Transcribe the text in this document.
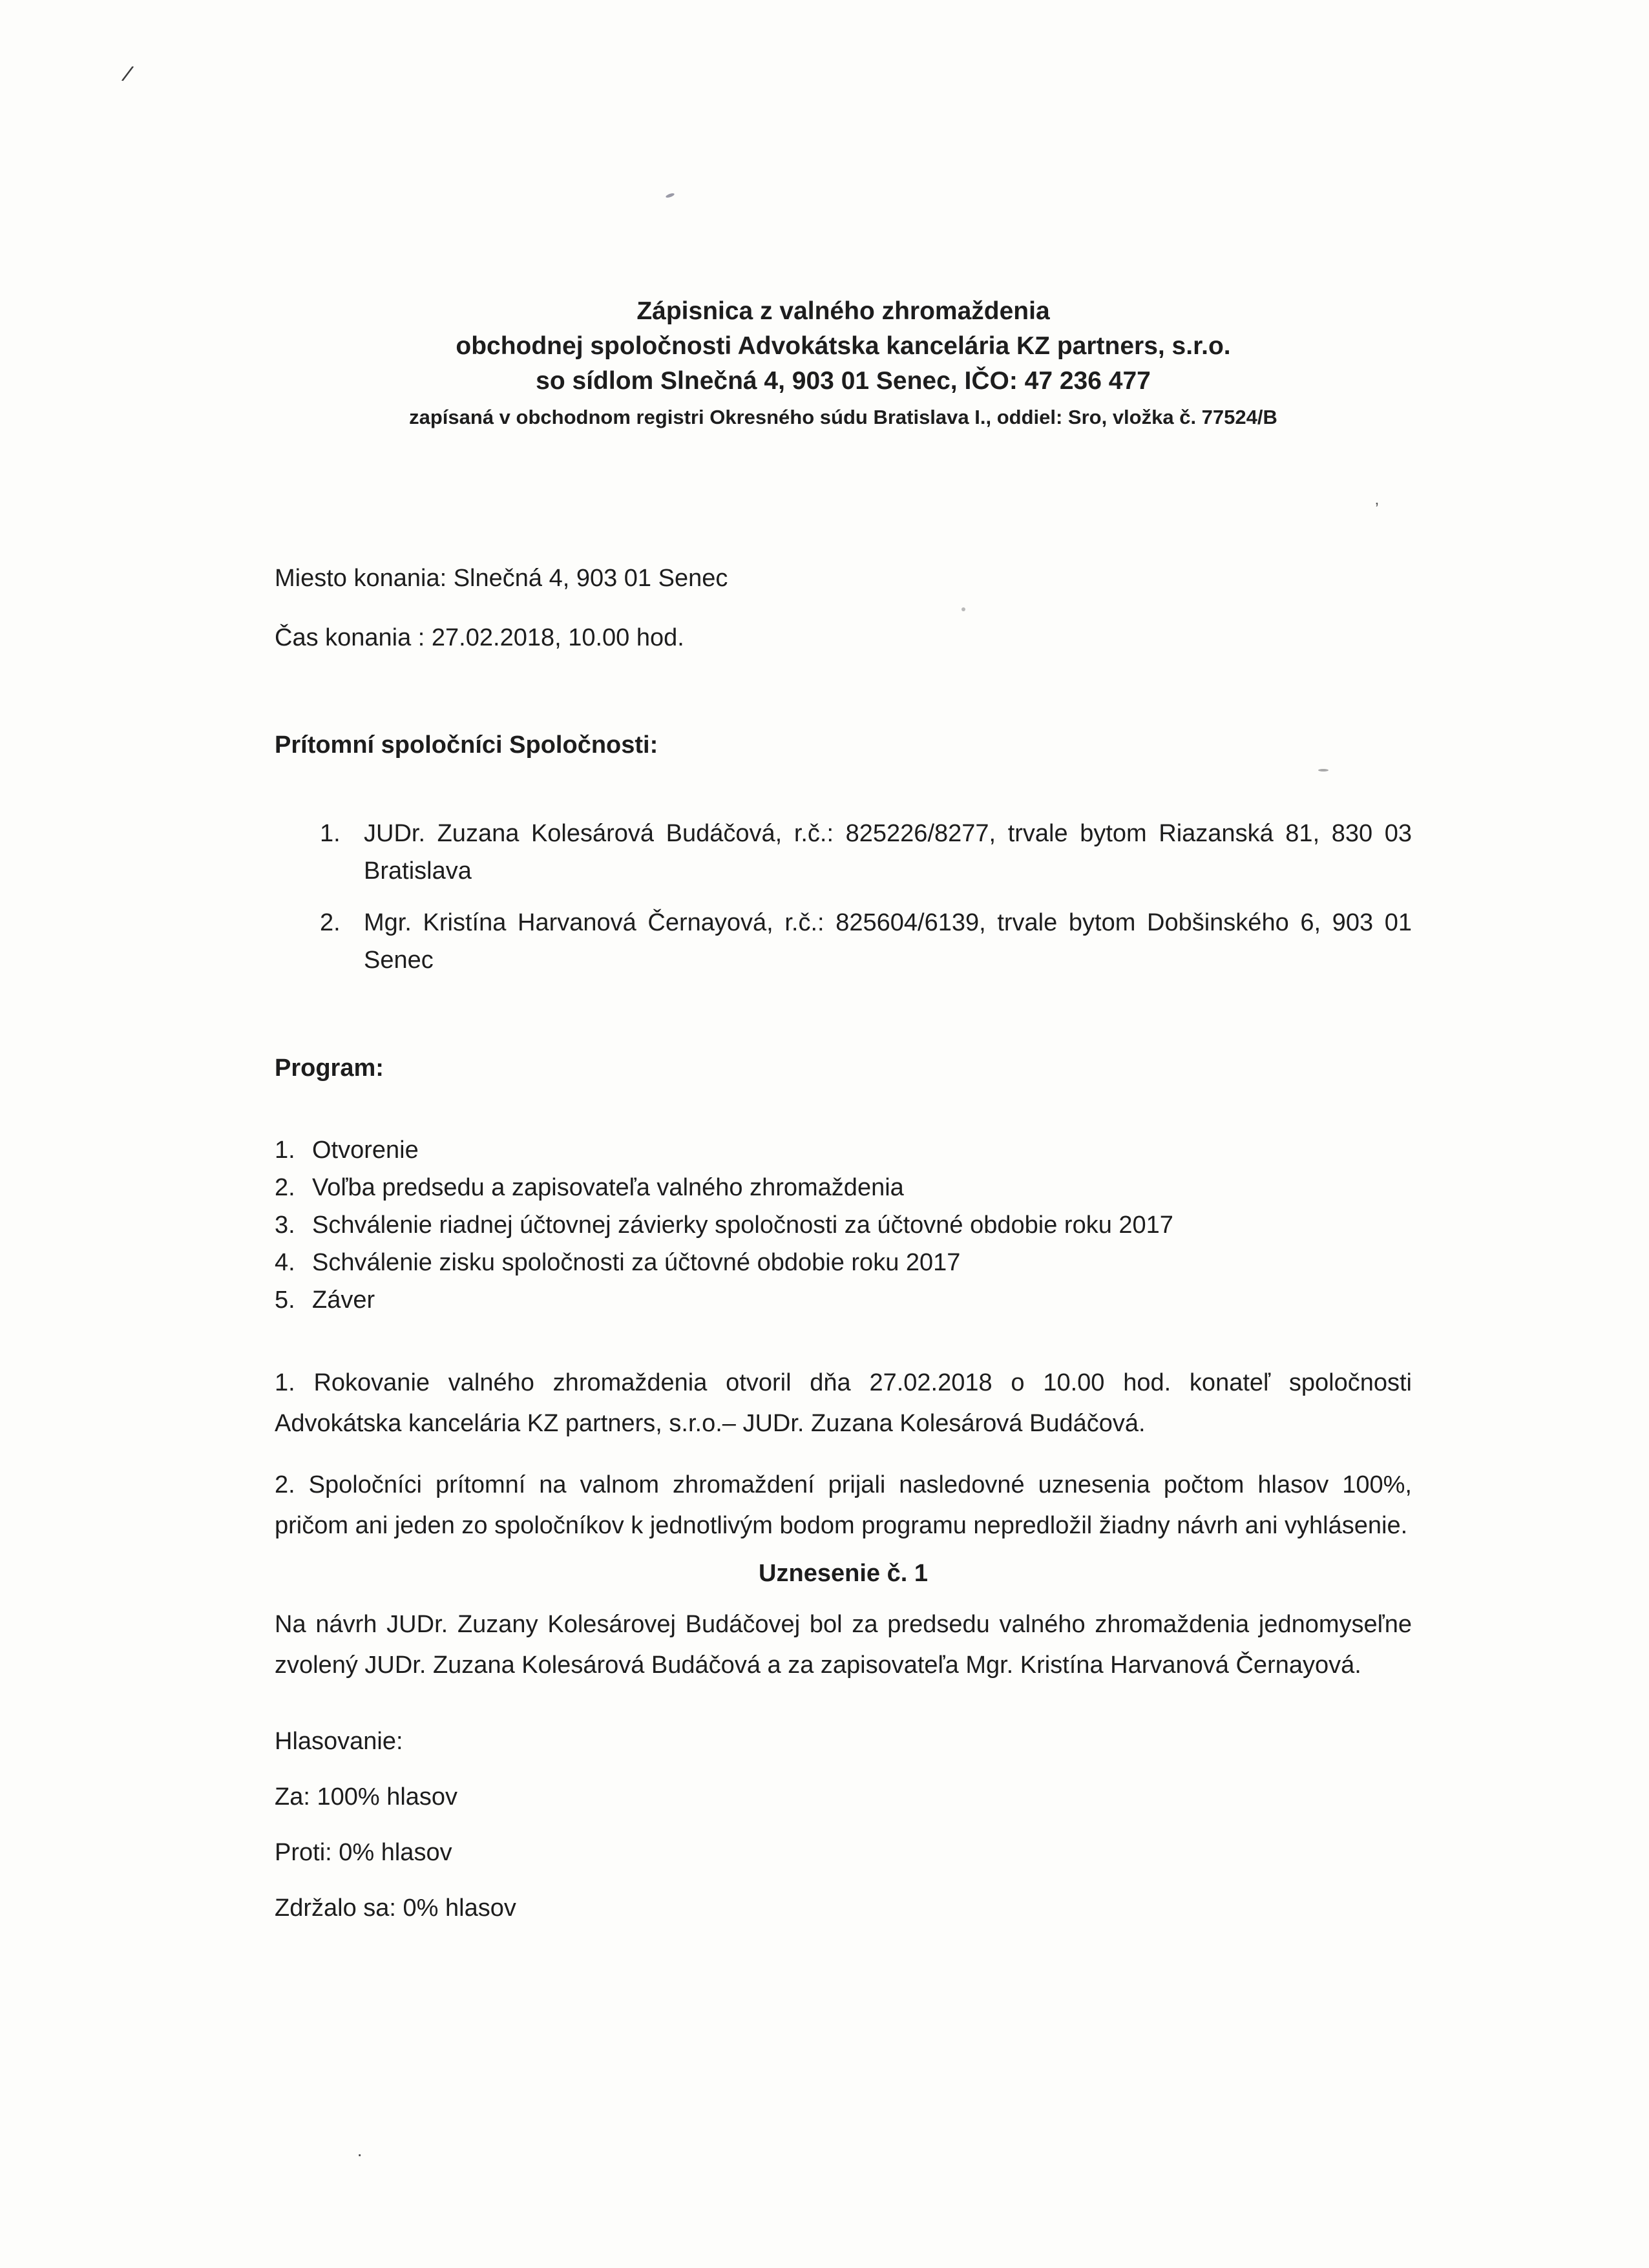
/
’
·
Zápisnica z valného zhromaždenia
obchodnej spoločnosti Advokátska kancelária KZ partners, s.r.o.
so sídlom Slnečná 4, 903 01 Senec, IČO: 47 236 477
zapísaná v obchodnom registri Okresného súdu Bratislava I., oddiel: Sro, vložka č. 77524/B
Miesto konania: Slnečná 4, 903 01 Senec
Čas konania : 27.02.2018, 10.00 hod.
Prítomní spoločníci Spoločnosti:
JUDr. Zuzana Kolesárová Budáčová, r.č.: 825226/8277, trvale bytom Riazanská 81, 830 03 Bratislava
Mgr. Kristína Harvanová Černayová, r.č.: 825604/6139, trvale bytom Dobšinského 6, 903 01 Senec
Program:
Otvorenie
Voľba predsedu a zapisovateľa valného zhromaždenia
Schválenie riadnej účtovnej závierky spoločnosti za účtovné obdobie roku 2017
Schválenie zisku spoločnosti za účtovné obdobie roku 2017
Záver

1. Rokovanie valného zhromaždenia otvoril dňa 27.02.2018 o 10.00 hod. konateľ spoločnosti Advokátska kancelária KZ partners, s.r.o.– JUDr. Zuzana Kolesárová Budáčová.

2. Spoločníci prítomní na valnom zhromaždení prijali nasledovné uznesenia počtom hlasov 100%, pričom ani jeden zo spoločníkov k jednotlivým bodom programu nepredložil žiadny návrh ani vyhlásenie.

Uznesenie č. 1

Na návrh JUDr. Zuzany Kolesárovej Budáčovej bol za predsedu valného zhromaždenia jednomyseľne zvolený JUDr. Zuzana Kolesárová Budáčová a za zapisovateľa Mgr. Kristína Harvanová Černayová.

Hlasovanie:
Za: 100% hlasov
Proti: 0% hlasov
Zdržalo sa: 0% hlasov
